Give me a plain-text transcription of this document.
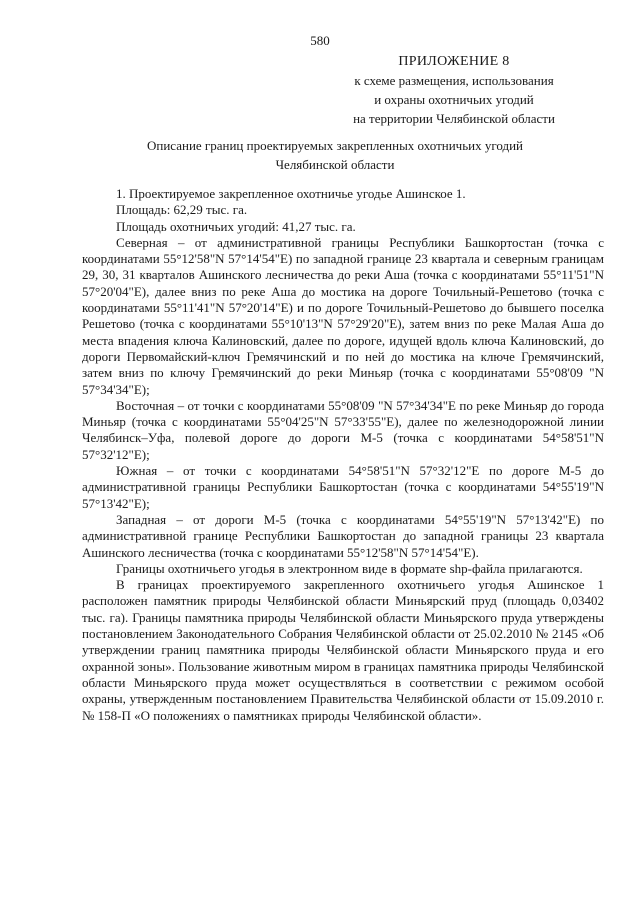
580
ПРИЛОЖЕНИЕ 8
к схеме размещения, использования
и охраны охотничьих угодий
на территории Челябинской области
Описание границ проектируемых закрепленных охотничьих угодий
Челябинской области

1. Проектируемое закрепленное охотничье угодье Ашинское 1.

Площадь: 62,29 тыс. га.

Площадь охотничьих угодий: 41,27 тыс. га.

Северная – от административной границы Республики Башкортостан (точка с координатами 55°12'58"N 57°14'54"E) по западной границе 23 квартала и северным границам 29, 30, 31 кварталов Ашинского лесничества до реки Аша (точка с координатами 55°11'51"N 57°20'04"E), далее вниз по реке Аша до мостика на дороге Точильный-Решетово (точка с координатами 55°11'41"N 57°20'14"E) и по дороге Точильный-Решетово до бывшего поселка Решетово (точка с координатами 55°10'13"N 57°29'20"E), затем вниз по реке Малая Аша до места впадения ключа Калиновский, далее по дороге, идущей вдоль ключа Калиновский, до дороги Первомайский-ключ Гремячинский и по ней до мостика на ключе Гремячинский, затем вниз по ключу Гремячинский до реки Миньяр (точка с координатами 55°08'09 "N 57°34'34"E);

Восточная – от точки с координатами 55°08'09 "N 57°34'34"E по реке Миньяр до города Миньяр (точка с координатами 55°04'25"N 57°33'55"E), далее по железнодорожной линии Челябинск–Уфа, полевой дороге до дороги М-5 (точка с координатами 54°58'51"N 57°32'12"E);

Южная – от точки с координатами 54°58'51"N 57°32'12"E по дороге М-5 до административной границы Республики Башкортостан (точка с координатами 54°55'19"N 57°13'42"E);

Западная – от дороги М-5 (точка с координатами 54°55'19"N 57°13'42"E) по административной границе Республики Башкортостан до западной границы 23 квартала Ашинского лесничества (точка с координатами 55°12'58"N 57°14'54"E).

Границы охотничьего угодья в электронном виде в формате shp-файла прилагаются.

В границах проектируемого закрепленного охотничьего угодья Ашинское 1 расположен памятник природы Челябинской области Миньярский пруд (площадь 0,03402 тыс. га). Границы памятника природы Челябинской области Миньярского пруда утверждены постановлением Законодательного Собрания Челябинской области от 25.02.2010 № 2145 «Об утверждении границ памятника природы Челябинской области Миньярского пруда и его охранной зоны». Пользование животным миром в границах памятника природы Челябинской области Миньярского пруда может осуществляться в соответствии с режимом особой охраны, утвержденным постановлением Правительства Челябинской области от 15.09.2010 г. № 158-П «О положениях о памятниках природы Челябинской области».
